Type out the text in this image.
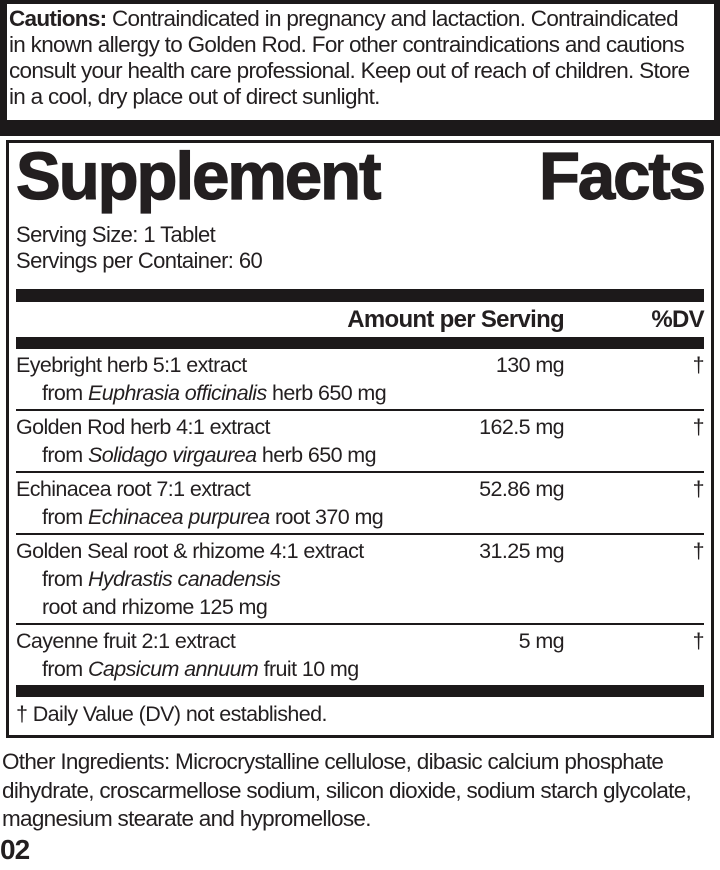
Cautions: Contraindicated in pregnancy and lactaction. Contraindicated

in known allergy to Golden Rod. For other contraindications and cautions

consult your health care professional. Keep out of reach of children. Store

in a cool, dry place out of direct sunlight.

Supplement Facts
Serving Size: 1 Tablet
Servings per Container: 60
Amount per Serving	%DV
Eyebright herb 5:1 extract	130 mg	†
from Euphrasia officinalis herb 650 mg
Golden Rod herb 4:1 extract	162.5 mg	†
from Solidago virgaurea herb 650 mg
Echinacea root 7:1 extract	52.86 mg	†
from Echinacea purpurea root 370 mg
Golden Seal root & rhizome 4:1 extract	31.25 mg	†
from Hydrastis canadensis
root and rhizome 125 mg
Cayenne fruit 2:1 extract	5 mg	†
from Capsicum annuum fruit 10 mg
† Daily Value (DV) not established.
Other Ingredients: Microcrystalline cellulose, dibasic calcium phosphate
dihydrate, croscarmellose sodium, silicon dioxide, sodium starch glycolate,
magnesium stearate and hypromellose.
02
